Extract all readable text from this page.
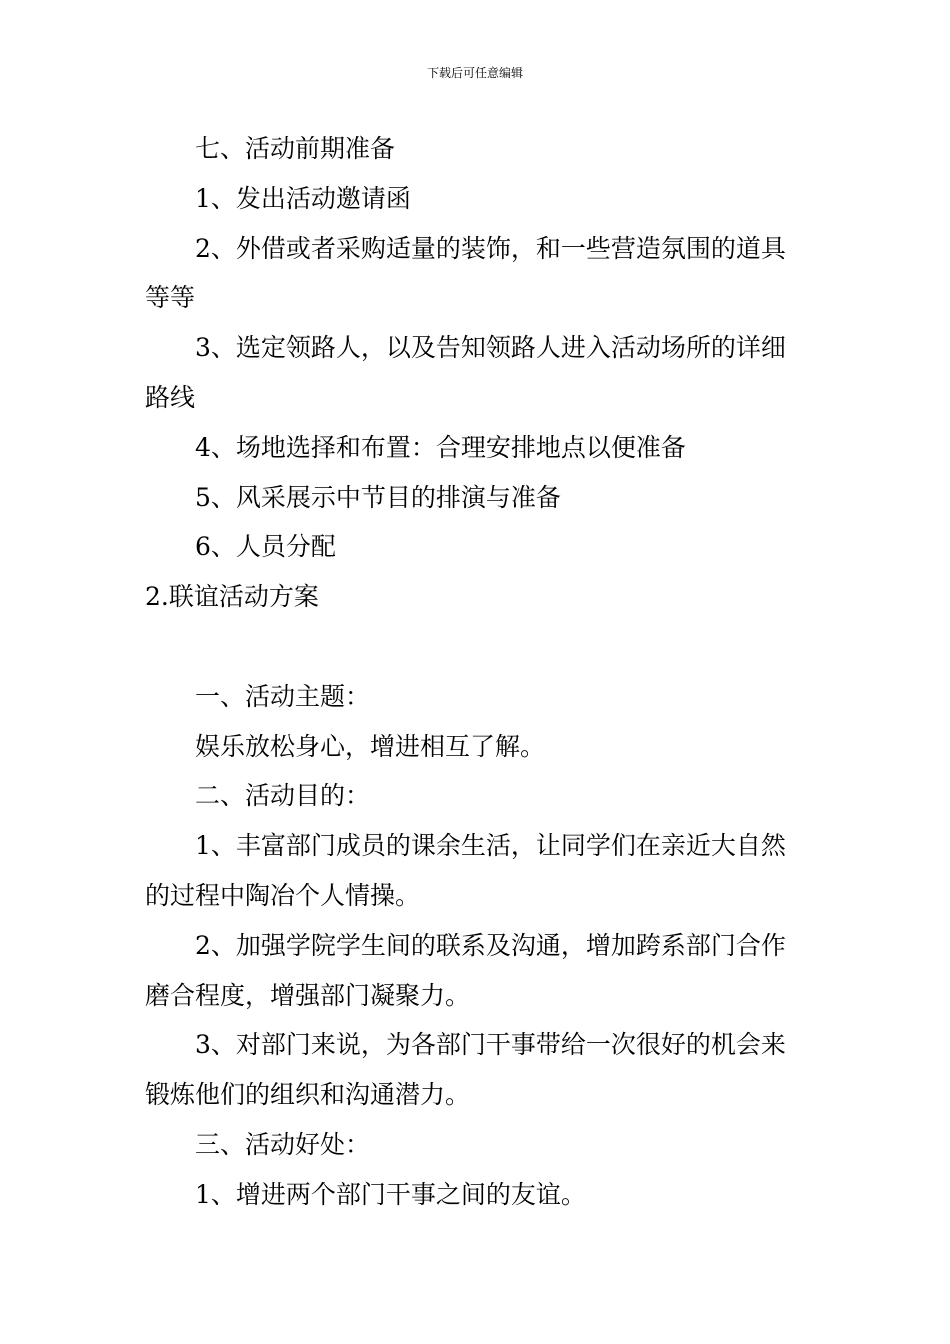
下载后可任意编辑

七、活动前期准备

1、发出活动邀请函

2、外借或者采购适量的装饰，和一些营造氛围的道具等等

3、选定领路人，以及告知领路人进入活动场所的详细路线

4、场地选择和布置：合理安排地点以便准备

5、风采展示中节目的排演与准备

6、人员分配

2.联谊活动方案

一、活动主题：

娱乐放松身心，增进相互了解。

二、活动目的：

1、丰富部门成员的课余生活，让同学们在亲近大自然的过程中陶冶个人情操。

2、加强学院学生间的联系及沟通，增加跨系部门合作磨合程度，增强部门凝聚力。

3、对部门来说，为各部门干事带给一次很好的机会来锻炼他们的组织和沟通潜力。

三、活动好处：

1、增进两个部门干事之间的友谊。
